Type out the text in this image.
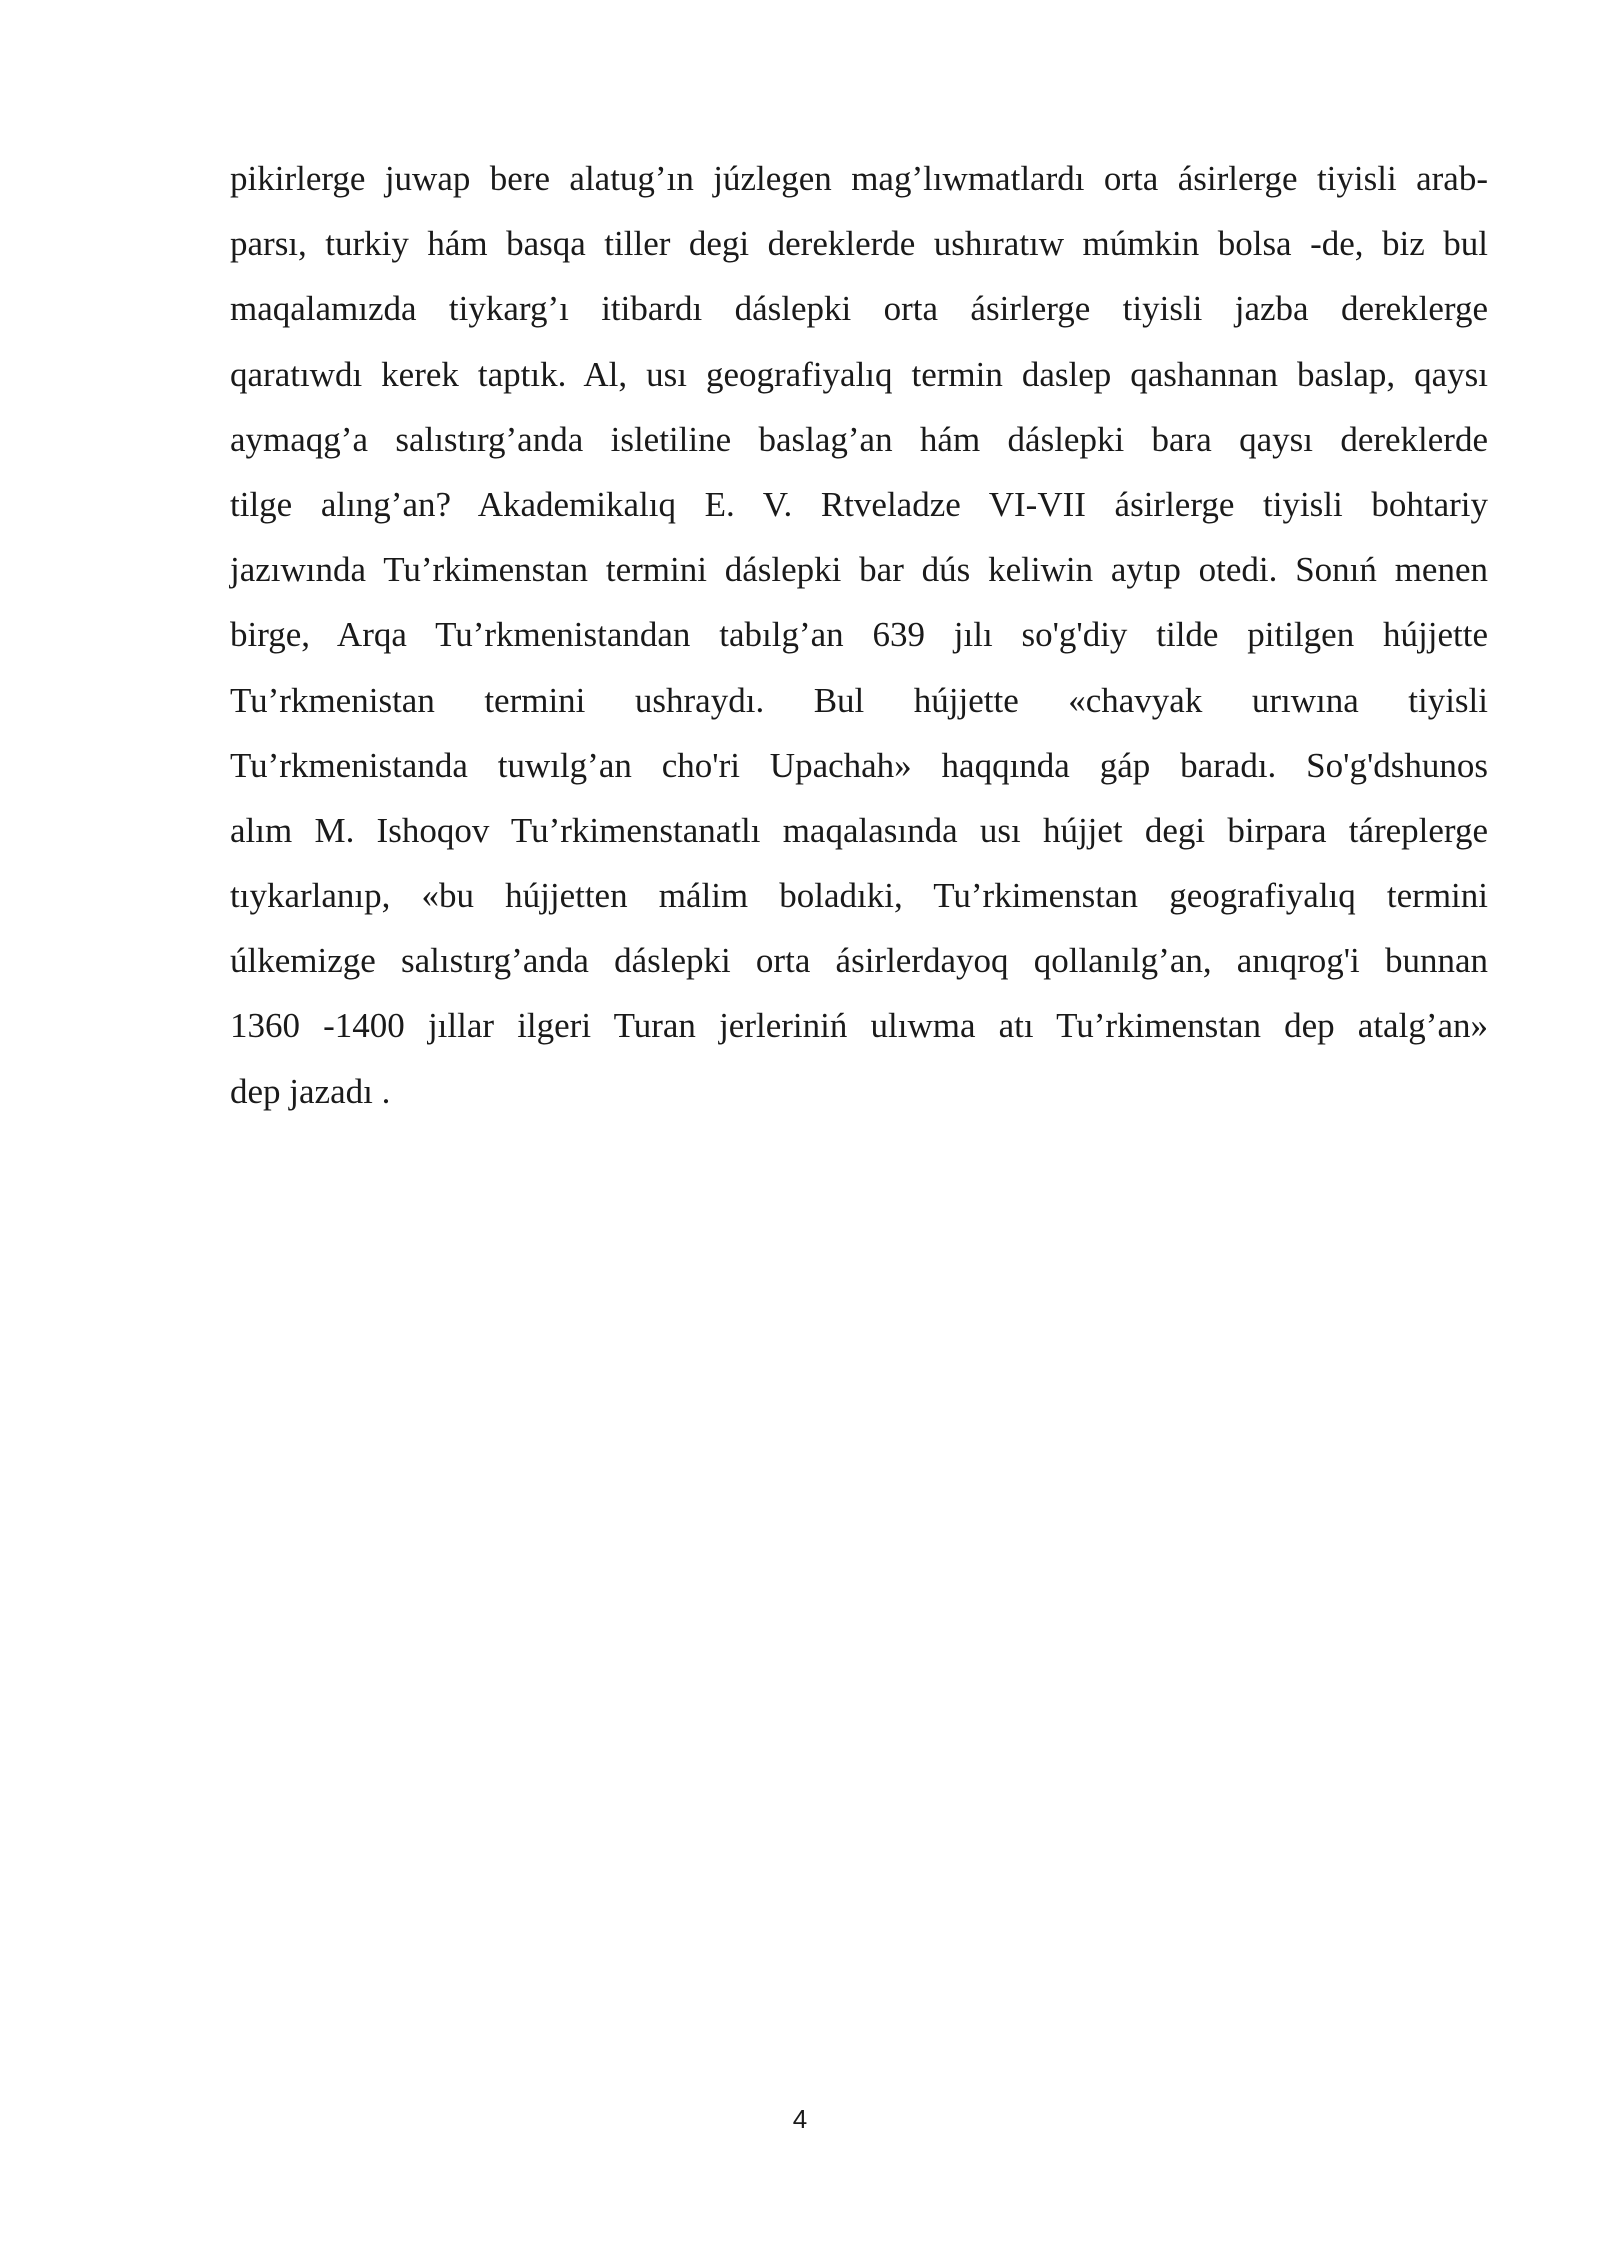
pikirlerge juwap bere alatug’ın júzlegen mag’lıwmatlardı orta ásirlerge tiyisli arab-
parsı, turkiy hám basqa tiller degi dereklerde ushıratıw múmkin bolsa -de, biz bul
maqalamızda tiykarg’ı itibardı dáslepki orta ásirlerge tiyisli jazba dereklerge
qaratıwdı kerek taptık. Al, usı geografiyalıq termin daslep qashannan baslap, qaysı
aymaqg’a salıstırg’anda isletiline baslag’an hám dáslepki bara qaysı dereklerde
tilge alıng’an? Akademikalıq E. V. Rtveladze VI-VII ásirlerge tiyisli bohtariy
jazıwında Tu’rkimenstan termini dáslepki bar dús keliwin aytıp otedi. Sonıń menen
birge, Arqa Tu’rkmenistandan tabılg’an 639 jılı so'g'diy tilde pitilgen hújjette
Tu’rkmenistan termini ushraydı. Bul hújjette «chavyak urıwına tiyisli
Tu’rkmenistanda tuwılg’an cho'ri Upachah» haqqında gáp baradı. So'g'dshunos
alım M. Ishoqov Tu’rkimenstanatlı maqalasında usı hújjet degi birpara táreplerge
tıykarlanıp, «bu hújjetten málim boladıki, Tu’rkimenstan geografiyalıq termini
úlkemizge salıstırg’anda dáslepki orta ásirlerdayoq qollanılg’an, anıqrog'i bunnan
1360 -1400 jıllar ilgeri Turan jerleriniń ulıwma atı Tu’rkimenstan dep atalg’an»
dep jazadı .
4
